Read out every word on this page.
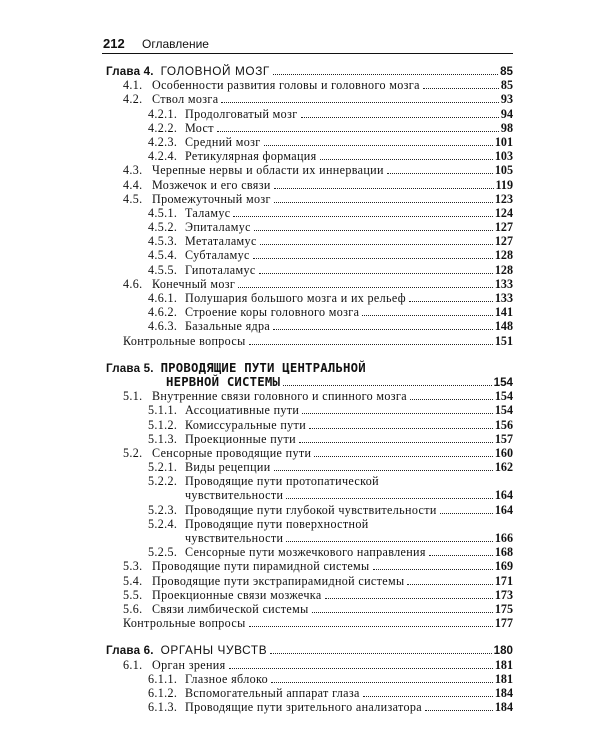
212 Оглавление
Глава 4. ГОЛОВНОЙ МОЗГ	85
4.1. Особенности развития головы и головного мозга	85
4.2. Ствол мозга	93
4.2.1. Продолговатый мозг	94
4.2.2. Мост	98
4.2.3. Средний мозг	101
4.2.4. Ретикулярная формация	103
4.3. Черепные нервы и области их иннервации	105
4.4. Мозжечок и его связи	119
4.5. Промежуточный мозг	123
4.5.1. Таламус	124
4.5.2. Эпиталамус	127
4.5.3. Метаталамус	127
4.5.4. Субталамус	128
4.5.5. Гипоталамус	128
4.6. Конечный мозг	133
4.6.1. Полушария большого мозга и их рельеф	133
4.6.2. Строение коры головного мозга	141
4.6.3. Базальные ядра	148
Контрольные вопросы	151
Глава 5. ПРОВОДЯЩИЕ ПУТИ ЦЕНТРАЛЬНОЙ
НЕРВНОЙ СИСТЕМЫ	154
5.1. Внутренние связи головного и спинного мозга	154
5.1.1. Ассоциативные пути	154
5.1.2. Комиссуральные пути	156
5.1.3. Проекционные пути	157
5.2. Сенсорные проводящие пути	160
5.2.1. Виды рецепции	162
5.2.2. Проводящие пути протопатической
чувствительности	164
5.2.3. Проводящие пути глубокой чувствительности	164
5.2.4. Проводящие пути поверхностной
чувствительности	166
5.2.5. Сенсорные пути мозжечкового направления	168
5.3. Проводящие пути пирамидной системы	169
5.4. Проводящие пути экстрапирамидной системы	171
5.5. Проекционные связи мозжечка	173
5.6. Связи лимбической системы	175
Контрольные вопросы	177
Глава 6. ОРГАНЫ ЧУВСТВ	180
6.1. Орган зрения	181
6.1.1. Глазное яблоко	181
6.1.2. Вспомогательный аппарат глаза	184
6.1.3. Проводящие пути зрительного анализатора	184
